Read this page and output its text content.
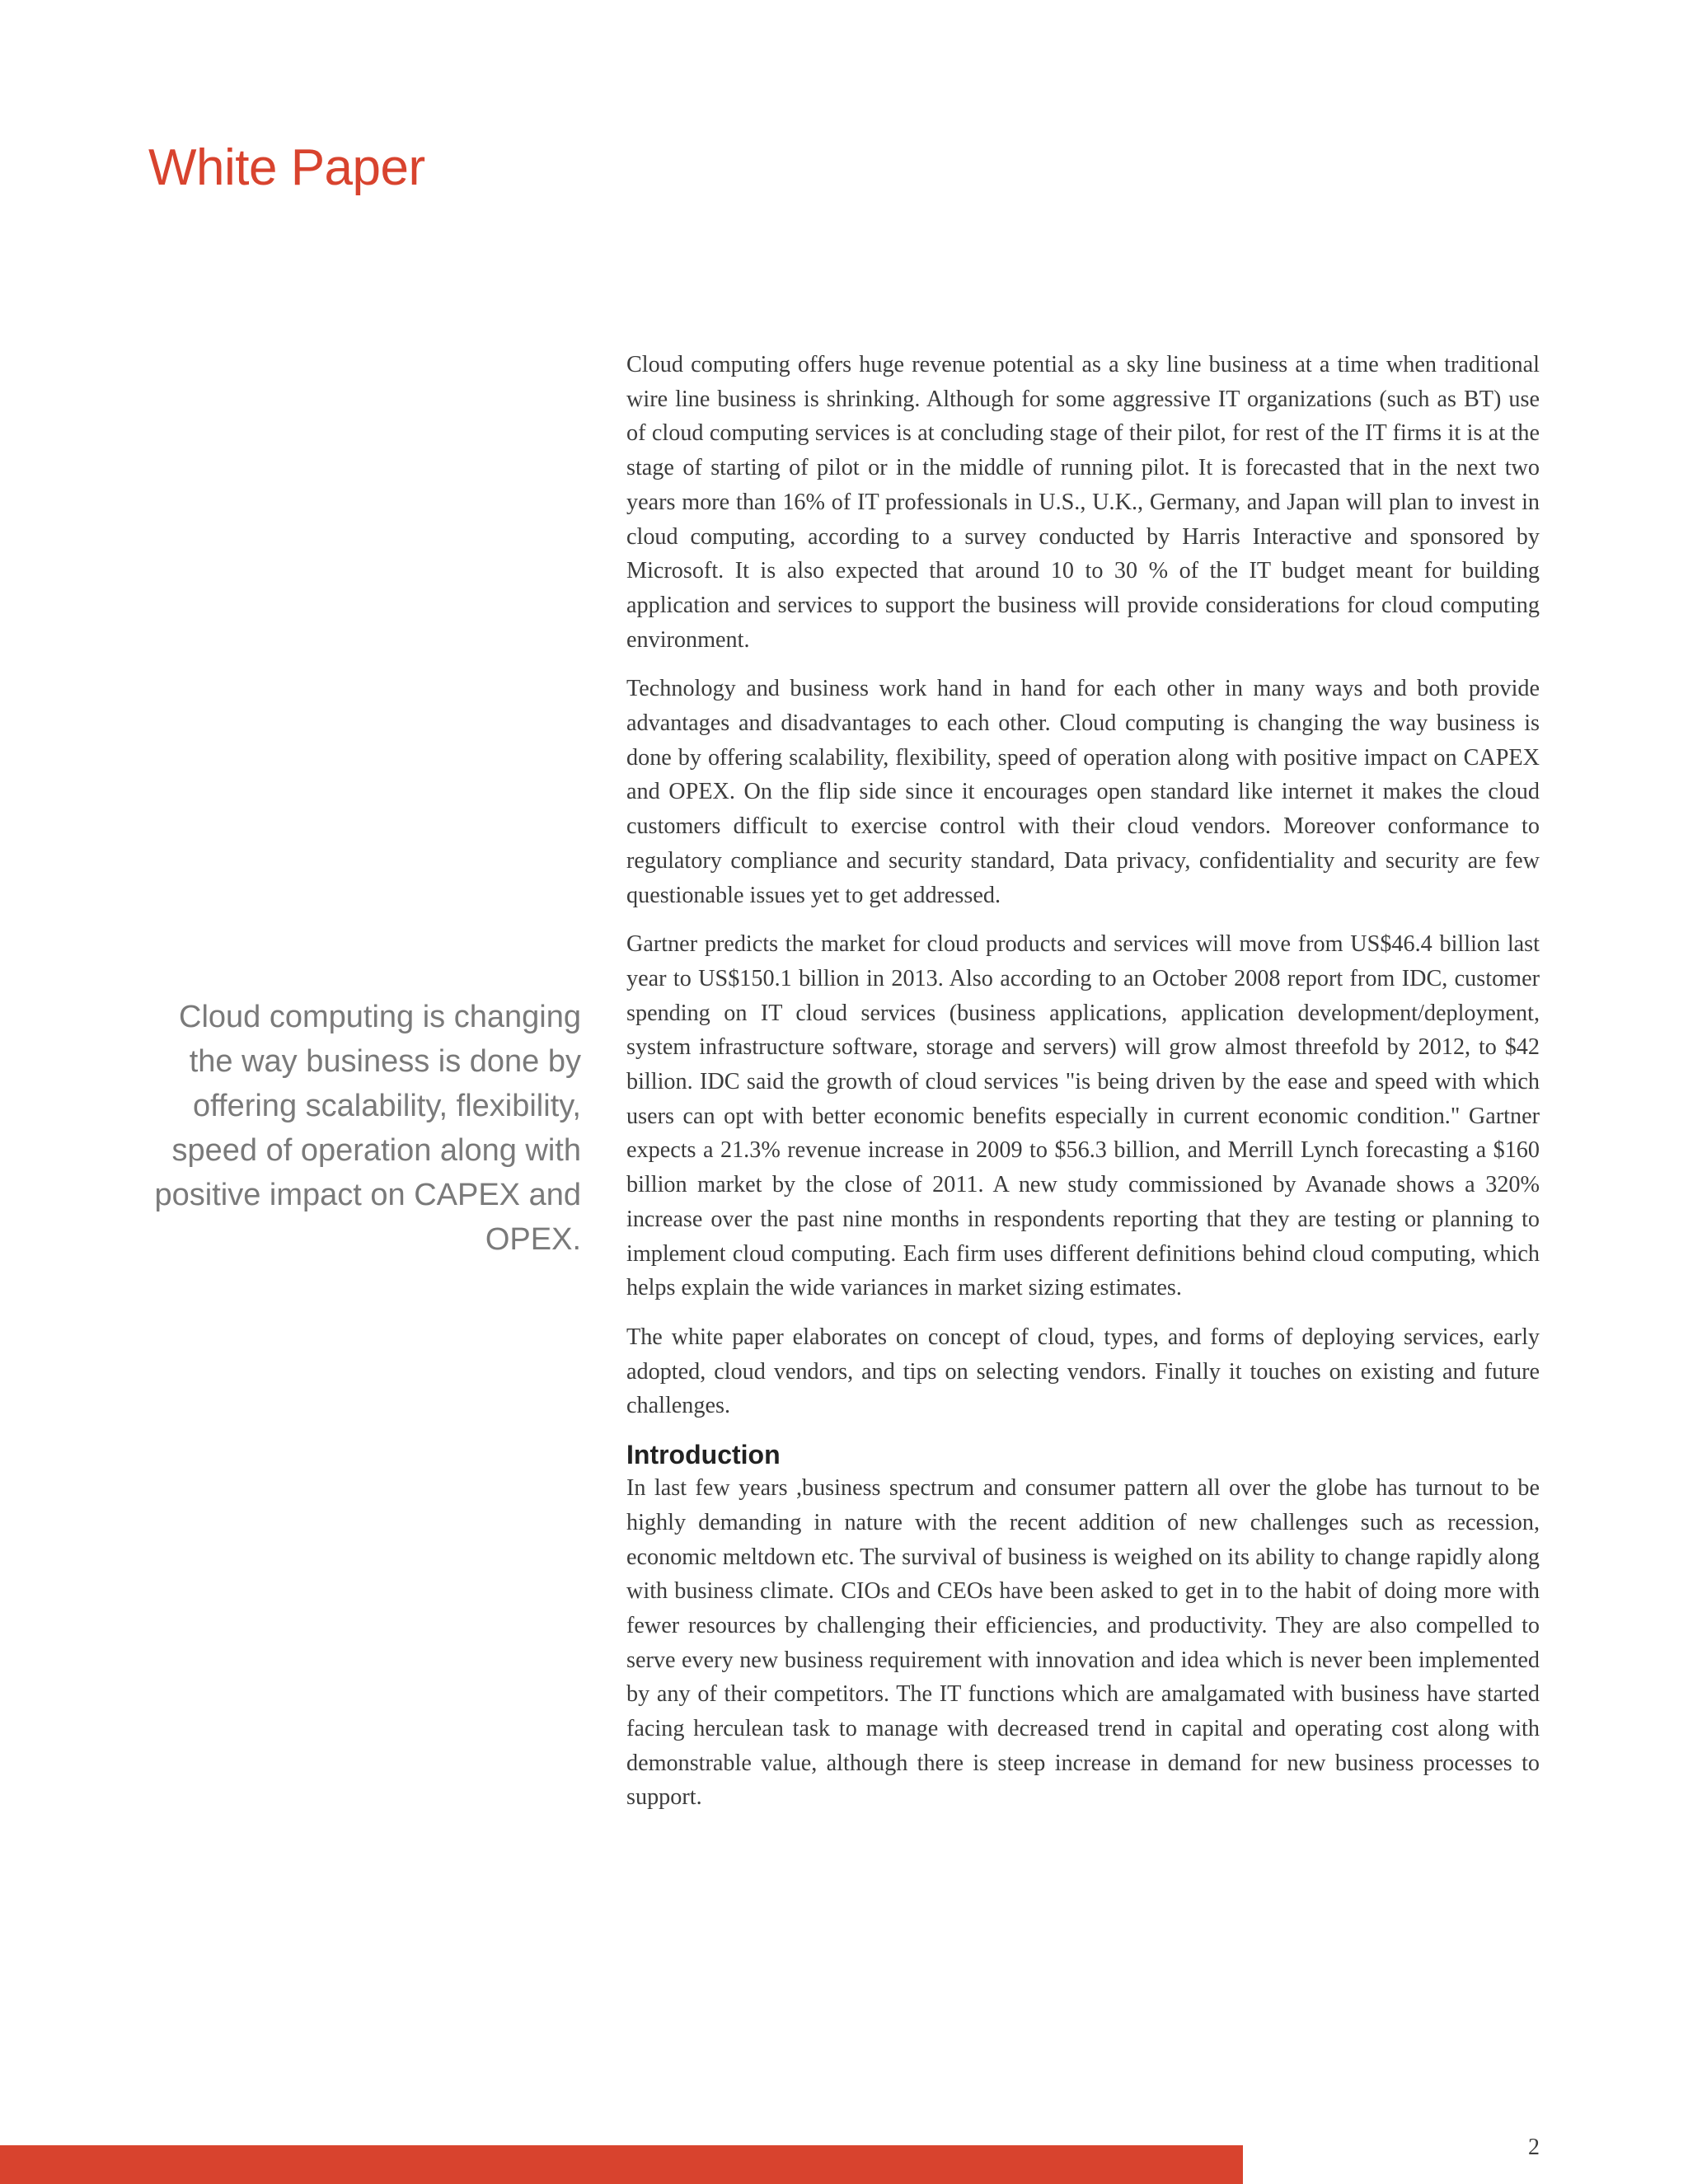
White Paper

Cloud computing is changing the way business is done by offering scalability, flexibility, speed of operation along with positive impact on CAPEX and OPEX.

Cloud computing offers huge revenue potential as a sky line business at a time when traditional wire line business is shrinking. Although for some aggressive IT organizations (such as BT) use of cloud computing services is at concluding stage of their pilot, for rest of the IT firms it is at the stage of starting of pilot or in the middle of running pilot. It is forecasted that in the next two years more than 16% of IT professionals in U.S., U.K., Germany, and Japan will plan to invest in cloud computing, according to a survey conducted by Harris Interactive and sponsored by Microsoft. It is also expected that around 10 to 30 % of the IT budget meant for building application and services to support the business will provide considerations for cloud computing environment.

Technology and business work hand in hand for each other in many ways and both provide advantages and disadvantages to each other. Cloud computing is changing the way business is done by offering scalability, flexibility, speed of operation along with positive impact on CAPEX and OPEX. On the flip side since it encourages open standard like internet it makes the cloud customers difficult to exercise control with their cloud vendors. Moreover conformance to regulatory compliance and security standard, Data privacy, confidentiality and security are few questionable issues yet to get addressed.

Gartner predicts the market for cloud products and services will move from US$46.4 billion last year to US$150.1 billion in 2013. Also according to an October 2008 report from IDC, customer spending on IT cloud services (business applications, application development/deployment, system infrastructure software, storage and servers) will grow almost threefold by 2012, to $42 billion. IDC said the growth of cloud services "is being driven by the ease and speed with which users can opt with better economic benefits especially in current economic condition." Gartner expects a 21.3% revenue increase in 2009 to $56.3 billion, and Merrill Lynch forecasting a $160 billion market by the close of 2011. A new study commissioned by Avanade shows a 320% increase over the past nine months in respondents reporting that they are testing or planning to implement cloud computing. Each firm uses different definitions behind cloud computing, which helps explain the wide variances in market sizing estimates.

The white paper elaborates on concept of cloud, types, and forms of deploying services, early adopted, cloud vendors, and tips on selecting vendors. Finally it touches on existing and future challenges.

Introduction

In last few years ,business spectrum and consumer pattern all over the globe has turnout to be highly demanding in nature with the recent addition of new challenges such as recession, economic meltdown etc. The survival of business is weighed on its ability to change rapidly along with business climate. CIOs and CEOs have been asked to get in to the habit of doing more with fewer resources by challenging their efficiencies, and productivity. They are also compelled to serve every new business requirement with innovation and idea which is never been implemented by any of their competitors. The IT functions which are amalgamated with business have started facing herculean task to manage with decreased trend in capital and operating cost along with demonstrable value, although there is steep increase in demand for new business processes to support.

2
